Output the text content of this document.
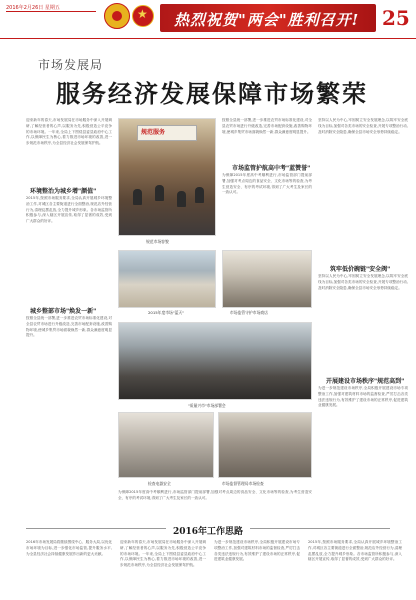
2016年2月26日 星期五
★
热烈祝贺"两会"胜利召开! 25
市场发展局
服务经济发展保障市场繁荣
迎来新年的春天,市场发展局在市场服务中深入开展调研,了解经营者的心声,以服务为先,积极营造公平竞争的市场环境。一年来,全局上下围绕县委县政府中心工作,以保障民生为核心,着力推进市场环境的改善,进一步规范市场秩序,为全县经济社会发展保驾护航。
环境整治为城乡增"颜值"
2015年,按照市场服务要求,全局认真开展城乡环境整治工作,对城区各主要街道进行全面整治,规范店外经营行为,清理乱摆乱放,全力提升城乡形象。各市场监管所积极参与,深入辖区开展宣传,取得了显著的成效,受到广大群众的好评。
规范服务
规范市场容貌
按照全县统一部署,进一步推进农贸市场标准化建设,对全县农贸市场进行升级改造,完善市场配套设施,改善购物环境,使城乡集贸市场面貌焕然一新,群众满意度明显提升。
市场监管护航高中考"蓝赞誉"
为保障2015年度高中考顺利进行,市场监管部门提前部署,加强对考点周边的食品安全、文化市场等的检查,为考生营造安全、有序的考试环境,得到了广大考生及家长的一致认可。
坚持以人民为中心,牢固树立安全发展理念,以筑牢安全底线为目标,加强对各类市场的安全检查,开展专项整治行动,及时消除安全隐患,确保全县市场安全形势持续稳定。
2015年度市场"蓝天"	市场监管守护市场商店
筑牢低价碗链"安全阀"
坚持以人民为中心,牢固树立安全发展理念,以筑牢安全底线为目标,加强对各类市场的安全检查,开展专项整治行动,及时消除安全隐患,确保全县市场安全形势持续稳定。
城乡整部市场"焕发一新"
按照全县统一部署,进一步推进农贸市场标准化建设,对全县农贸市场进行升级改造,完善市场配套设施,改善购物环境,使城乡集贸市场面貌焕然一新,群众满意度明显提升。
"质量兴市"市场部署会
检查电器安全	市场监督管理局市场检查
开展建设市场秩序"规范高到"
为进一步规范建设市场秩序,全局积极开展建设市场专项整治工作,加强对建筑材料市场的监督检查,严厉打击各类违法违规行为,有效维护了建设市场的正常秩序,促进建筑业健康发展。
为保障2015年度高中考顺利进行,市场监管部门提前部署,加强对考点周边的食品安全、文化市场等的检查,为考生营造安全、有序的考试环境,得到了广大考生及家长的一致认可。
2016年工作思路
2016年市场发展局将继续围绕中心、服务大局,以优化市场环境为目标,进一步强化市场监管,提升服务水平,为全县经济社会持续健康发展作出新的更大贡献。
迎来新年的春天,市场发展局在市场服务中深入开展调研,了解经营者的心声,以服务为先,积极营造公平竞争的市场环境。一年来,全局上下围绕县委县政府中心工作,以保障民生为核心,着力推进市场环境的改善,进一步规范市场秩序,为全县经济社会发展保驾护航。
为进一步规范建设市场秩序,全局积极开展建设市场专项整治工作,加强对建筑材料市场的监督检查,严厉打击各类违法违规行为,有效维护了建设市场的正常秩序,促进建筑业健康发展。
2015年,按照市场服务要求,全局认真开展城乡环境整治工作,对城区各主要街道进行全面整治,规范店外经营行为,清理乱摆乱放,全力提升城乡形象。各市场监管所积极参与,深入辖区开展宣传,取得了显著的成效,受到广大群众的好评。
